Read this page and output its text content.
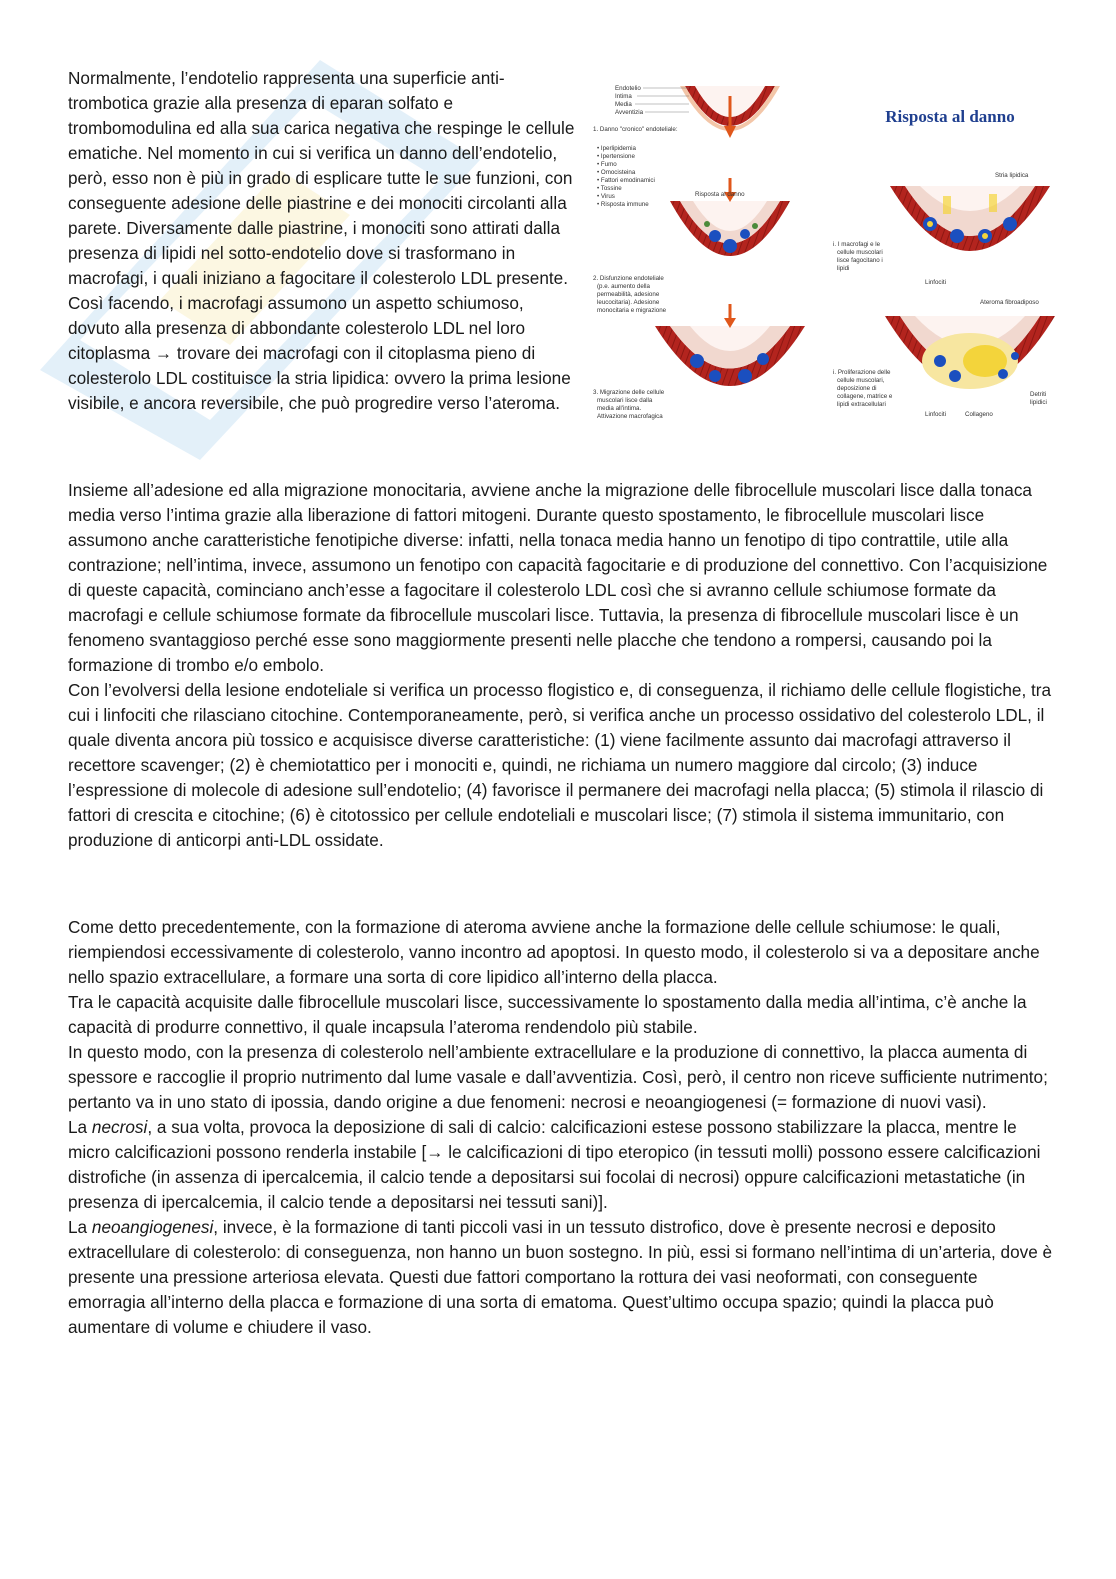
Normalmente, l’endotelio rappresenta una superficie anti-trombotica grazie alla presenza di eparan solfato e trombomodulina ed alla sua carica negativa che respinge le cellule ematiche. Nel momento in cui si verifica un danno dell’endotelio, però, esso non è più in grado di esplicare tutte le sue funzioni, con conseguente adesione delle piastrine e dei monociti circolanti alla parete. Diversamente dalle piastrine, i monociti sono attirati dalla presenza di lipidi nel sotto-endotelio dove si trasformano in macrofagi, i quali iniziano a fagocitare il colesterolo LDL presente. Così facendo, i macrofagi assumono un aspetto schiumoso, dovuto alla presenza di abbondante colesterolo LDL nel loro citoplasma → trovare dei macrofagi con il citoplasma pieno di colesterolo LDL costituisce la stria lipidica: ovvero la prima lesione visibile, e ancora reversibile, che può progredire verso l’ateroma.

Risposta al danno
Endotelio
Intima
Media
Avventizia
1. Danno "cronico" endoteliale:
• Iperlipidemia
• Ipertensione
• Fumo
• Omocisteina
• Fattori emodinamici
• Tossine
• Virus
• Risposta immune
Risposta al danno
2. Disfunzione endoteliale
(p.e. aumento della
permeabilità, adesione
leucocitaria). Adesione
monocitaria e migrazione
3. Migrazione delle cellule
muscolari lisce dalla
media all'intima.
Attivazione macrofagica
Stria lipidica
i. I macrofagi e le
cellule muscolari
lisce fagocitano i
lipidi
Linfociti
Ateroma fibroadiposo
i. Proliferazione delle
cellule muscolari,
deposizione di
collagene, matrice e
lipidi extracellulari
Linfociti	Collageno
Detriti
lipidici

Insieme all’adesione ed alla migrazione monocitaria, avviene anche la migrazione delle fibrocellule muscolari lisce dalla tonaca media verso l’intima grazie alla liberazione di fattori mitogeni. Durante questo spostamento, le fibrocellule muscolari lisce assumono anche caratteristiche fenotipiche diverse: infatti, nella tonaca media hanno un fenotipo di tipo contrattile, utile alla contrazione; nell’intima, invece, assumono un fenotipo con capacità fagocitarie e di produzione del connettivo. Con l’acquisizione di queste capacità, cominciano anch’esse a fagocitare il colesterolo LDL così che si avranno cellule schiumose formate da macrofagi e cellule schiumose formate da fibrocellule muscolari lisce. Tuttavia, la presenza di fibrocellule muscolari lisce è un fenomeno svantaggioso perché esse sono maggiormente presenti nelle placche che tendono a rompersi, causando poi la formazione di trombo e/o embolo.

Con l’evolversi della lesione endoteliale si verifica un processo flogistico e, di conseguenza, il richiamo delle cellule flogistiche, tra cui i linfociti che rilasciano citochine. Contemporaneamente, però, si verifica anche un processo ossidativo del colesterolo LDL, il quale diventa ancora più tossico e acquisisce diverse caratteristiche: (1) viene facilmente assunto dai macrofagi attraverso il recettore scavenger; (2) è chemiotattico per i monociti e, quindi, ne richiama un numero maggiore dal circolo; (3) induce l’espressione di molecole di adesione sull’endotelio; (4) favorisce il permanere dei macrofagi nella placca; (5) stimola il rilascio di fattori di crescita e citochine; (6) è citotossico per cellule endoteliali e muscolari lisce; (7) stimola il sistema immunitario, con produzione di anticorpi anti-LDL ossidate.

Come detto precedentemente, con la formazione di ateroma avviene anche la formazione delle cellule schiumose: le quali, riempiendosi eccessivamente di colesterolo, vanno incontro ad apoptosi. In questo modo, il colesterolo si va a depositare anche nello spazio extracellulare, a formare una sorta di core lipidico all’interno della placca.

Tra le capacità acquisite dalle fibrocellule muscolari lisce, successivamente lo spostamento dalla media all’intima, c’è anche la capacità di produrre connettivo, il quale incapsula l’ateroma rendendolo più stabile.

In questo modo, con la presenza di colesterolo nell’ambiente extracellulare e la produzione di connettivo, la placca aumenta di spessore e raccoglie il proprio nutrimento dal lume vasale e dall’avventizia. Così, però, il centro non riceve sufficiente nutrimento; pertanto va in uno stato di ipossia, dando origine a due fenomeni: necrosi e neoangiogenesi (= formazione di nuovi vasi).

La necrosi, a sua volta, provoca la deposizione di sali di calcio: calcificazioni estese possono stabilizzare la placca, mentre le micro calcificazioni possono renderla instabile [→ le calcificazioni di tipo eteropico (in tessuti molli) possono essere calcificazioni distrofiche (in assenza di ipercalcemia, il calcio tende a depositarsi sui focolai di necrosi) oppure calcificazioni metastatiche (in presenza di ipercalcemia, il calcio tende a depositarsi nei tessuti sani)].

La neoangiogenesi, invece, è la formazione di tanti piccoli vasi in un tessuto distrofico, dove è presente necrosi e deposito extracellulare di colesterolo: di conseguenza, non hanno un buon sostegno. In più, essi si formano nell’intima di un’arteria, dove è presente una pressione arteriosa elevata. Questi due fattori comportano la rottura dei vasi neoformati, con conseguente emorragia all’interno della placca e formazione di una sorta di ematoma. Quest’ultimo occupa spazio; quindi la placca può aumentare di volume e chiudere il vaso.
